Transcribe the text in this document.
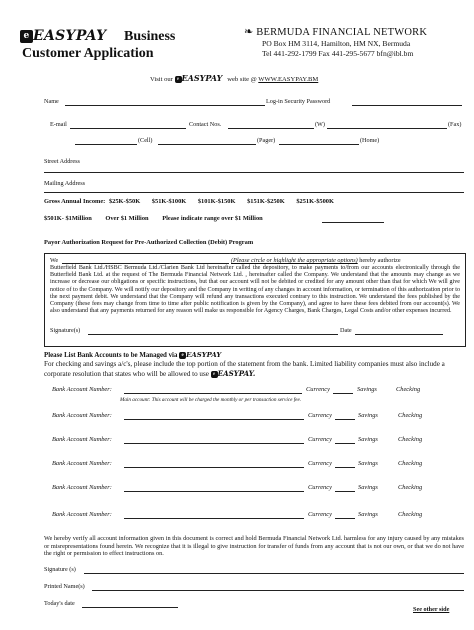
e EASYPAY Business
Customer Application
❧ BERMUDA FINANCIAL NETWORK
PO Box HM 3114, Hamilton, HM NX, Bermuda
Tel 441-292-1799 Fax 441-295-5677 bfn@ibl.bm
Visit our e EASYPAY web site @ WWW.EASYPAY.BM
Name	Log-in Security Password
E-mail	Contact Nos.	(W)	(Fax)
(Cell)	(Pager)	(Home)
Street Address
Mailing Address
Gross Annual Income: $25K-$50K $51K-$100K $101K-$150K $151K-$250K $251K-$500K
$501K- $1Million Over $1 Million Please indicate range over $1 Million
Payor Authorization Request for Pre-Authorized Collection (Debit) Program
We	(Please circle or highlight the appropriate options) hereby authorize
Butterfield Bank Ltd./HSBC Bermuda Ltd./Clarien Bank Ltd hereinafter called the depository, to make payments to/from our accounts electronically through the Butterfield Bank Ltd. at the request of The Bermuda Financial Network Ltd. , hereinafter called the Company. We understand that the amounts may change as we increase or decrease our obligations or specific instructions, but that our account will not be debited or credited for any amount other than that for which We will give notice of to the Company. We will notify our depository and the Company in writing of any changes in account information, or termination of this authorization prior to the next payment debit. We understand that the Company will refund any transactions executed contrary to this instruction. We understand the fees published by the Company (these fees may change from time to time after public notification is given by the Company), and agree to have these fees debited from our account(s). We also understand that any payments returned for any reason will make us responsible for Agency Charges, Bank Charges, Legal Costs and/or other expenses incurred.
Signature(s)	Date
Please List Bank Accounts to be Managed via e EASYPAY
For checking and savings a/c's, please include the top portion of the statement from the bank. Limited liability companies must also include a corporate resolution that states who will be allowed to use e EASYPAY.
Bank Account Number:	Currency	Savings	Checking
Main account: This account will be charged the monthly or per transaction service fee.
Bank Account Number:	Currency	Savings	Checking
Bank Account Number:	Currency	Savings	Checking
Bank Account Number:	Currency	Savings	Checking
Bank Account Number:	Currency	Savings	Checking
Bank Account Number:	Currency	Savings	Checking
We hereby verify all account information given in this document is correct and hold Bermuda Financial Network Ltd. harmless for any injury caused by any mistakes or misrepresentations found herein. We recognize that it is illegal to give instruction for transfer of funds from any account that is not our own, or that we do not have the right or permission to effect instructions on.
Signature (s)
Printed Name(s)
Today's date
See other side
